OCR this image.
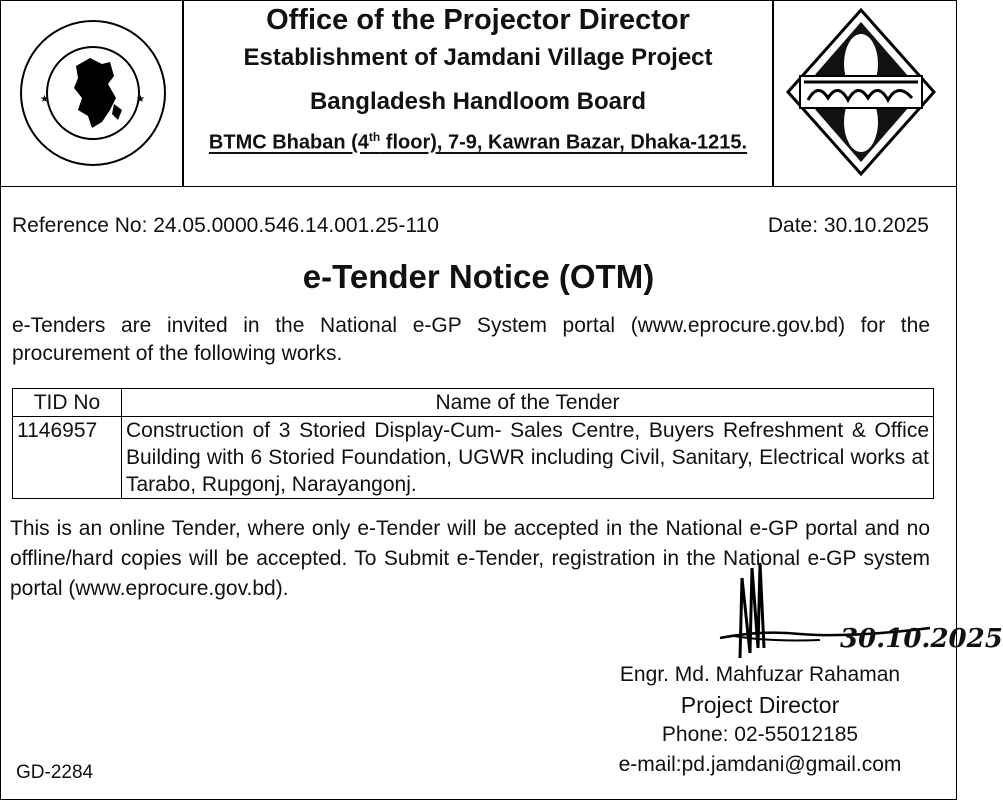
★	★
Office of the Projector Director
Establishment of Jamdani Village Project
Bangladesh Handloom Board
BTMC Bhaban (4th floor), 7-9, Kawran Bazar, Dhaka-1215.
Reference No: 24.05.0000.546.14.001.25-110	Date: 30.10.2025
e-Tender Notice (OTM)
e-Tenders are invited in the National e-GP System portal (www.eprocure.gov.bd) for the procurement of the following works.
TID No	Name of the Tender
1146957	Construction of 3 Storied Display-Cum- Sales Centre, Buyers Refreshment & Office Building with 6 Storied Foundation, UGWR including Civil, Sanitary, Electrical works at Tarabo, Rupgonj, Narayangonj.
This is an online Tender, where only e-Tender will be accepted in the National e-GP portal and no offline/hard copies will be accepted. To Submit e-Tender, registration in the National e-GP system portal (www.eprocure.gov.bd).
30.10.2025
Engr. Md. Mahfuzar Rahaman
Project Director
Phone: 02-55012185
e-mail:pd.jamdani@gmail.com
GD-2284
